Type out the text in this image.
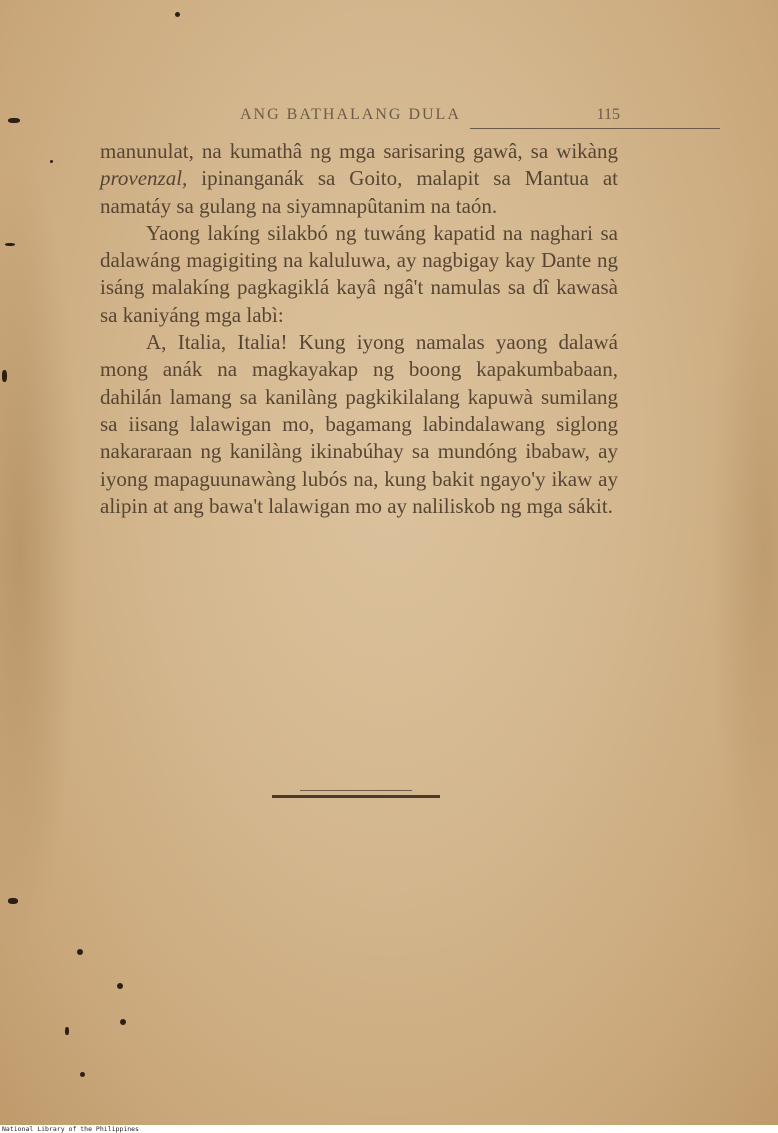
ANG BATHALANG DULA	115

manunulat, na kumathâ ng mga sarisaring gawâ, sa wikàng provenzal, ipinanganák sa Goito, malapit sa Mantua at namatáy sa gulang na siyamnapûtanim na taón.

Yaong lakíng silakbó ng tuwáng kapatid na naghari sa dalawáng magigiting na kaluluwa, ay nagbigay kay Dante ng isáng malakíng pagkagiklá kayâ ngâ't namulas sa dî kawasà sa kaniyáng mga labì:

A, Italia, Italia! Kung iyong namalas yaong dalawá mong anák na magkayakap ng boong kapakumbabaan, dahilán lamang sa kanilàng pagkikilalang kapuwà sumilang sa iisang lalawigan mo, bagamang labindalawang siglong nakararaan ng kanilàng ikinabúhay sa mundóng ibabaw, ay iyong mapaguunawàng lubós na, kung bakit ngayo'y ikaw ay alipin at ang bawa't lalawigan mo ay naliliskob ng mga sákit.

National Library of the Philippines
